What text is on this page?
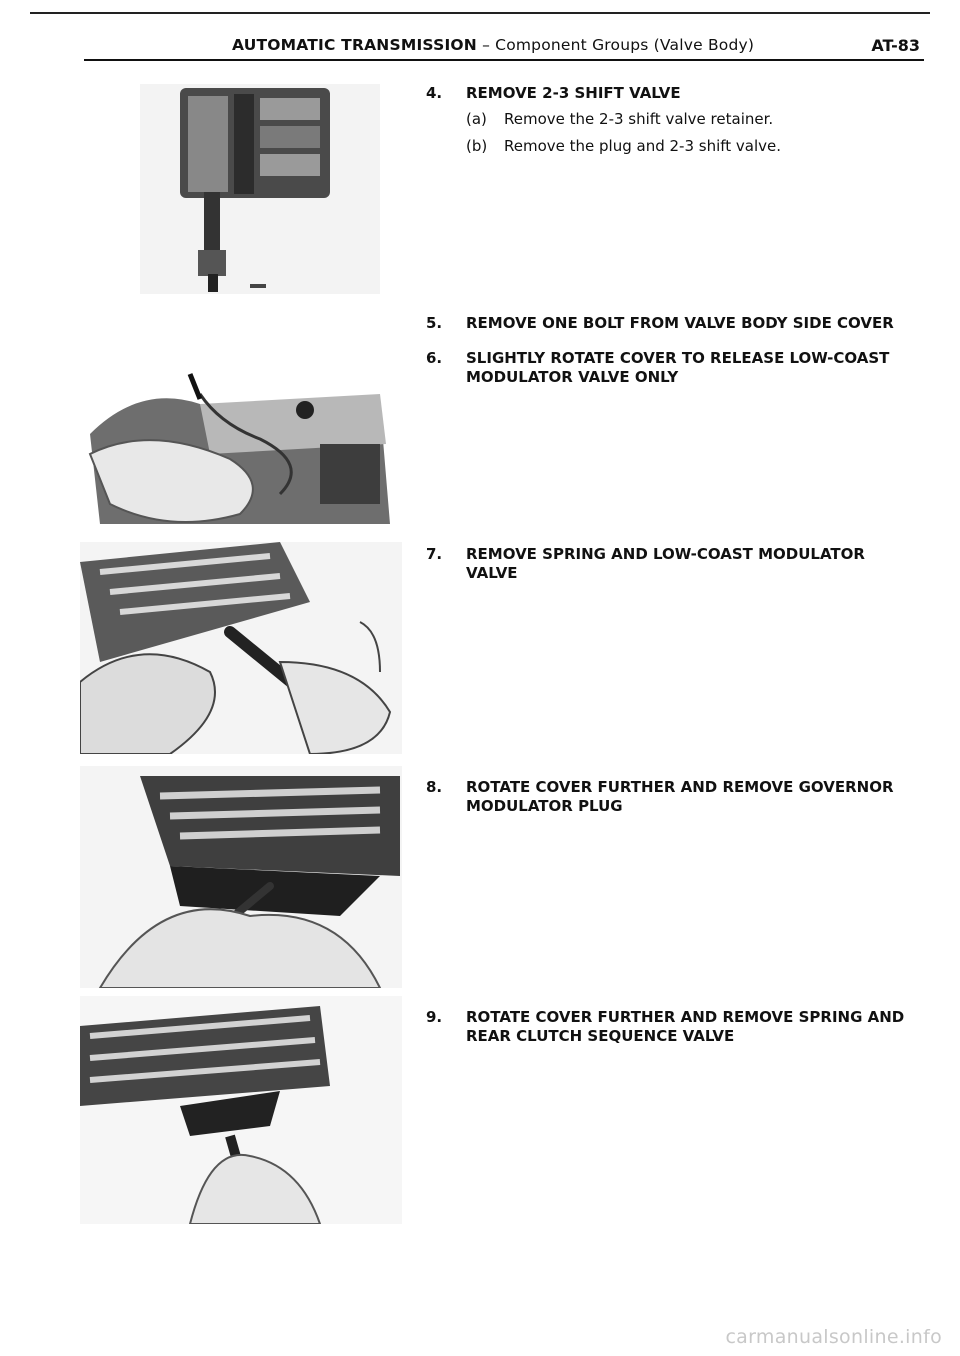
AUTOMATIC TRANSMISSION – Component Groups (Valve Body)	AT-83
4. REMOVE 2-3 SHIFT VALVE
(a) Remove the 2-3 shift valve retainer.
(b) Remove the plug and 2-3 shift valve.
5. REMOVE ONE BOLT FROM VALVE BODY SIDE COVER
6. SLIGHTLY ROTATE COVER TO RELEASE LOW-COAST MODULATOR VALVE ONLY
7. REMOVE SPRING AND LOW-COAST MODULATOR VALVE
8. ROTATE COVER FURTHER AND REMOVE GOVERNOR MODULATOR PLUG
9. ROTATE COVER FURTHER AND REMOVE SPRING AND REAR CLUTCH SEQUENCE VALVE
carmanualsonline.info
